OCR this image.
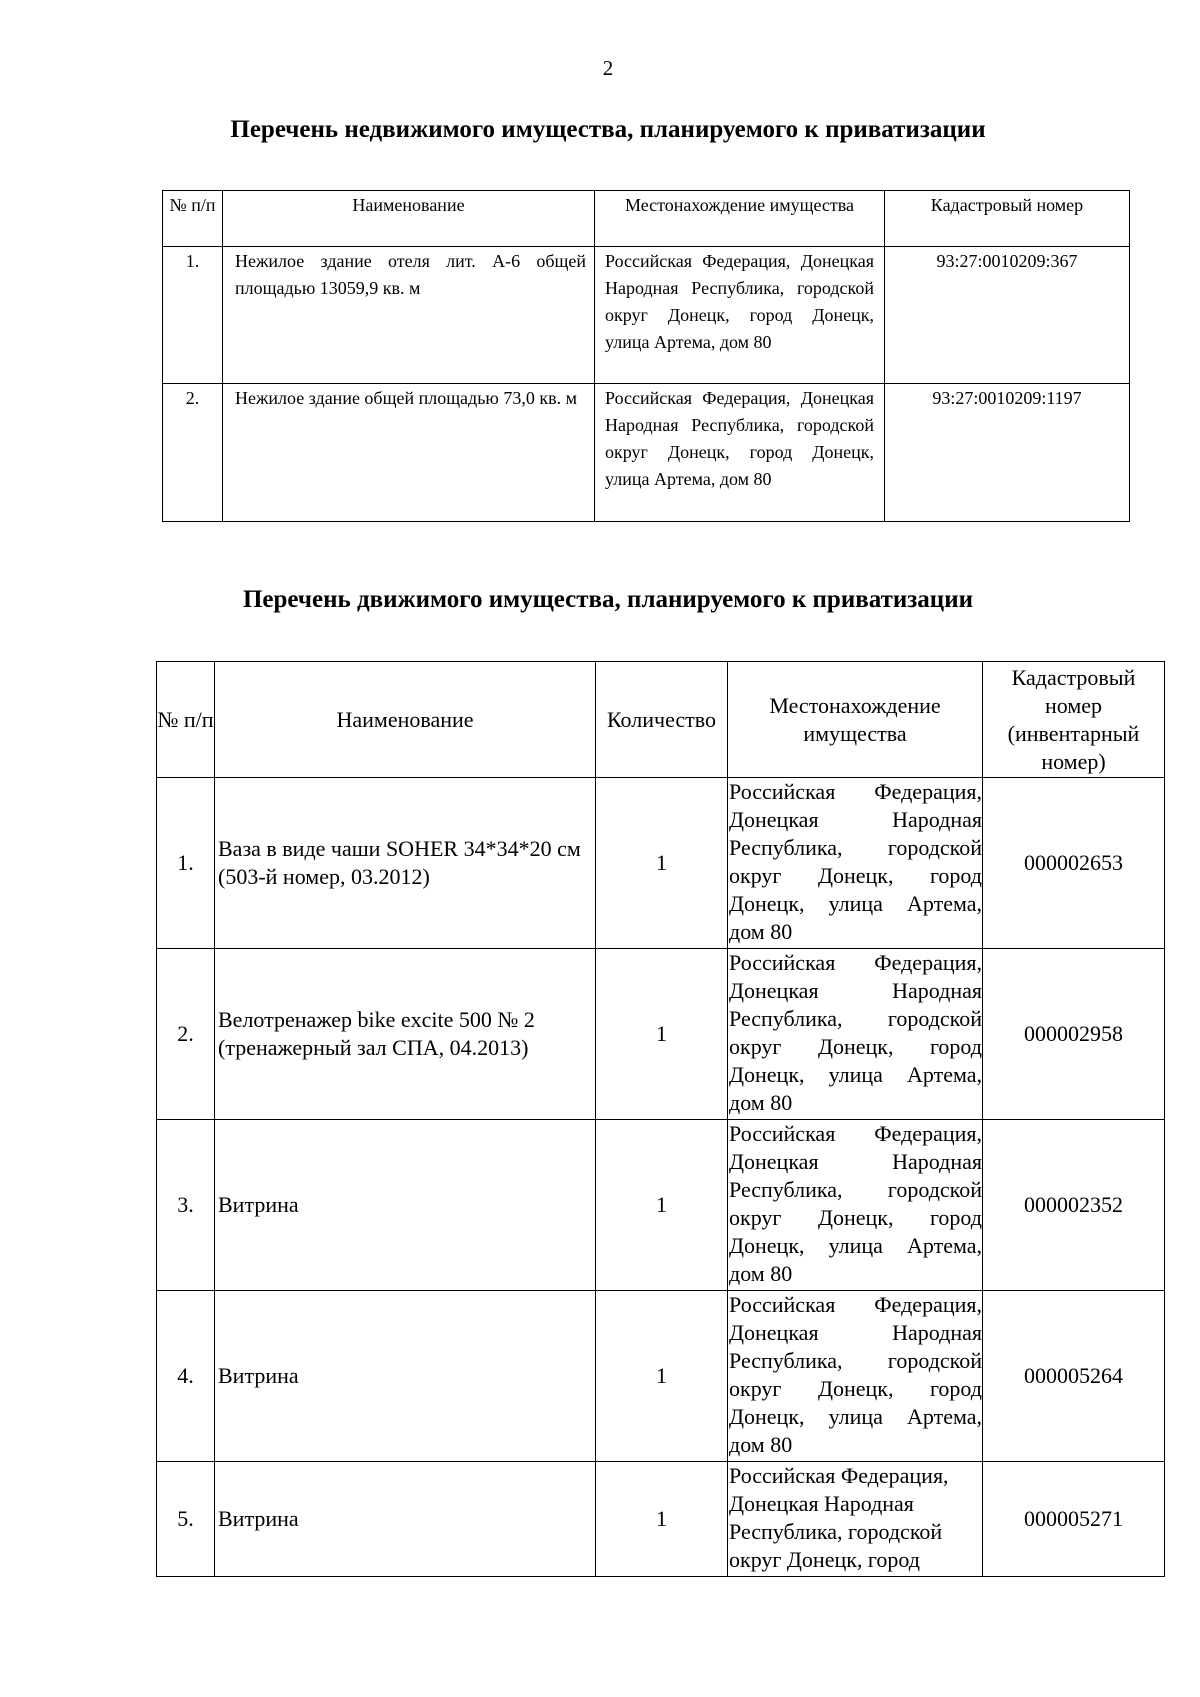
2
Перечень недвижимого имущества, планируемого к приватизации
№ п/п	Наименование	Местонахождение имущества	Кадастровый номер
1.	Нежилое здание отеля лит. А-6 общей площадью 13059,9 кв. м	Российская Федерация, Донецкая Народная Республика, городской округ Донецк, город Донецк, улица Артема, дом 80	93:27:0010209:367
2.	Нежилое здание общей площадью 73,0 кв. м	Российская Федерация, Донецкая Народная Республика, городской округ Донецк, город Донецк, улица Артема, дом 80	93:27:0010209:1197
Перечень движимого имущества, планируемого к приватизации
№ п/п	Наименование	Количество	Местонахождение имущества	Кадастровый номер (инвентарный номер)
1.	Ваза в виде чаши SOHER 34*34*20 см (503-й номер, 03.2012)	1	Российская Федерация, Донецкая Народная Республика, городской округ Донецк, город Донецк, улица Артема, дом 80	000002653
2.	Велотренажер bike excite 500 № 2 (тренажерный зал СПА, 04.2013)	1	Российская Федерация, Донецкая Народная Республика, городской округ Донецк, город Донецк, улица Артема, дом 80	000002958
3.	Витрина	1	Российская Федерация, Донецкая Народная Республика, городской округ Донецк, город Донецк, улица Артема, дом 80	000002352
4.	Витрина	1	Российская Федерация, Донецкая Народная Республика, городской округ Донецк, город Донецк, улица Артема, дом 80	000005264
5.	Витрина	1	Российская Федерация, Донецкая Народная Республика, городской округ Донецк, город	000005271
